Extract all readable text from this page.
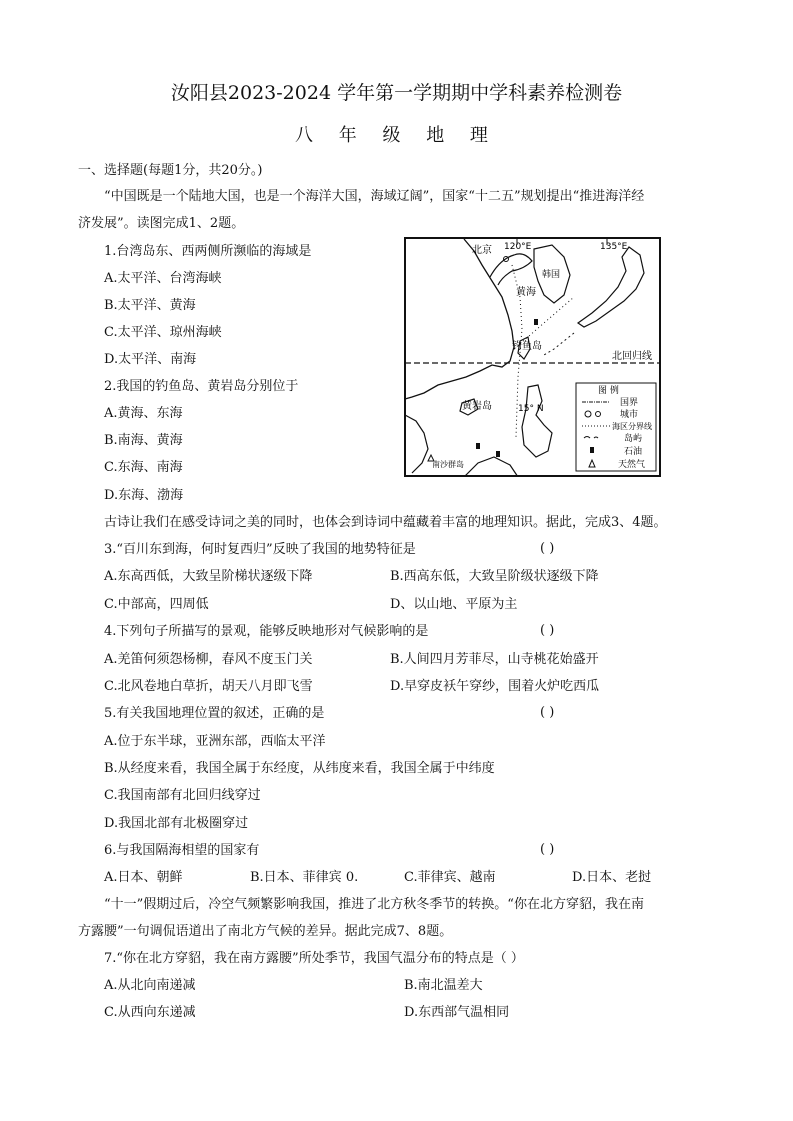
汝阳县2023-2024 学年第一学期期中学科素养检测卷
八 年 级 地 理
一、选择题(每题1分，共20分。)
“中国既是一个陆地大国，也是一个海洋大国，海域辽阔”，国家“十二五”规划提出“推进海洋经
济发展”。读图完成1、2题。
1.台湾岛东、西两侧所濒临的海域是
A.太平洋、台湾海峡
B.太平洋、黄海
C.太平洋、琼州海峡
D.太平洋、南海
2.我国的钓鱼岛、黄岩岛分别位于
A.黄海、东海
B.南海、黄海
C.东海、南海
D.东海、渤海
北京 120°E	135°E
韩国
黄海
钓鱼岛
北回归线
黄岩岛	15° N
南沙群岛
图 例
国界
城市
海区分界线
岛屿
石油
天然气
古诗让我们在感受诗词之美的同时，也体会到诗词中蕴藏着丰富的地理知识。据此，完成3、4题。
3.“百川东到海，何时复西归”反映了我国的地势特征是	( )
A.东高西低，大致呈阶梯状逐级下降	B.西高东低，大致呈阶级状逐级下降
C.中部高，四周低	D、以山地、平原为主
4.下列句子所描写的景观，能够反映地形对气候影响的是	( )
A.羌笛何须怨杨柳，春风不度玉门关	B.人间四月芳菲尽，山寺桃花始盛开
C.北风卷地白草折，胡天八月即飞雪	D.早穿皮袄午穿纱，围着火炉吃西瓜
5.有关我国地理位置的叙述，正确的是	( )
A.位于东半球，亚洲东部，西临太平洋
B.从经度来看，我国全属于东经度，从纬度来看，我国全属于中纬度
C.我国南部有北回归线穿过
D.我国北部有北极圈穿过
6.与我国隔海相望的国家有	( )
A.日本、朝鲜	B.日本、菲律宾 0.	C.菲律宾、越南	D.日本、老挝
“十一”假期过后，冷空气频繁影响我国，推进了北方秋冬季节的转换。“你在北方穿貂，我在南
方露腰”一句调侃语道出了南北方气候的差异。据此完成7、8题。
7.“你在北方穿貂，我在南方露腰”所处季节，我国气温分布的特点是（ ）
A.从北向南递减	B.南北温差大
C.从西向东递减	D.东西部气温相同
